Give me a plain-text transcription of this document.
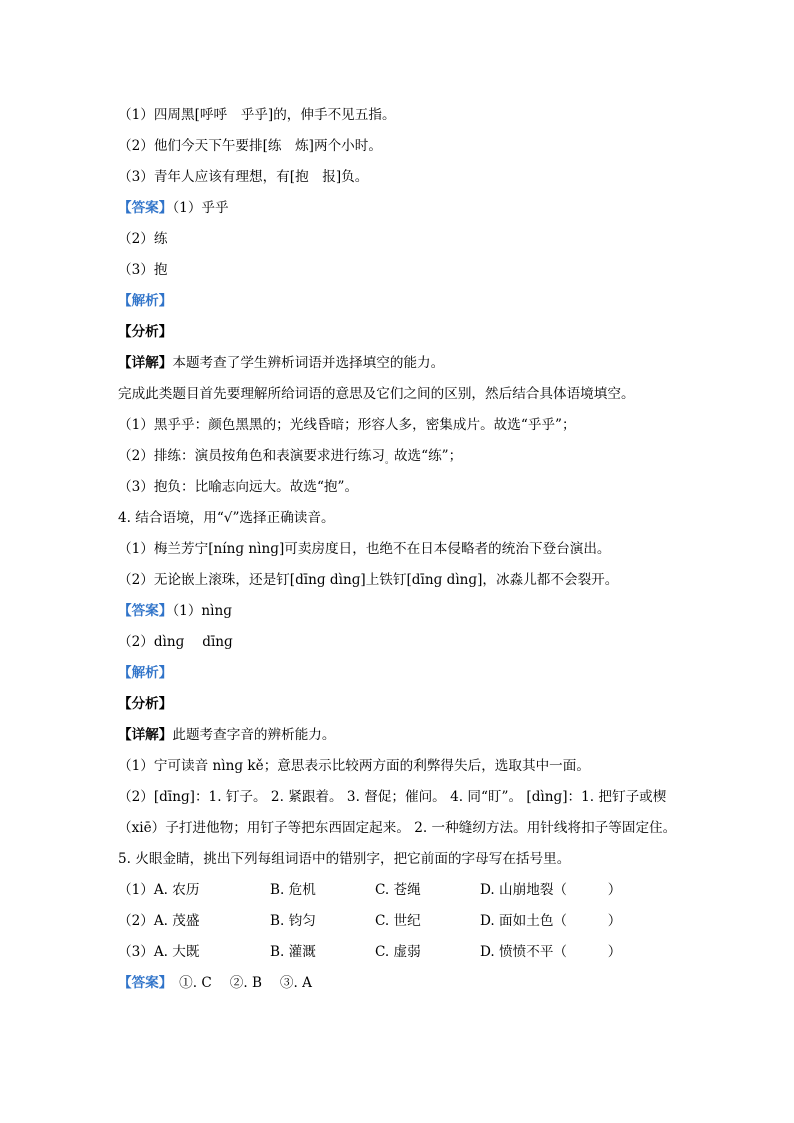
（1）四周黑[呼呼　乎乎]的，伸手不见五指。

（2）他们今天下午要排[练　炼]两个小时。

（3）青年人应该有理想，有[抱　报]负。

【答案】（1）乎乎

（2）练

（3）抱

【解析】

【分析】

【详解】本题考查了学生辨析词语并选择填空的能力。

完成此类题目首先要理解所给词语的意思及它们之间的区别，然后结合具体语境填空。

（1）黑乎乎：颜色黑黑的；光线昏暗；形容人多，密集成片。故选“乎乎”；

（2）排练：演员按角色和表演要求进行练习$_。$故选“练”；

（3）抱负：比喻志向远大。故选“抱”。

4. 结合语境，用“√”选择正确读音。

（1）梅兰芳宁[nínɡ nìnɡ]可卖房度日，也绝不在日本侵略者的统治下登台演出。

（2）无论嵌上滚珠，还是钉[dīnɡ dìnɡ]上铁钉[dīnɡ dìnɡ]，冰淼儿都不会裂开。

【答案】（1）nìnɡ

（2）dìnɡ　 dīnɡ

【解析】

【分析】

【详解】此题考查字音的辨析能力。

（1）宁可读音 nìnɡ kě；意思表示比较两方面的利弊得失后，选取其中一面。

（2）[dīnɡ]：1. 钉子。 2. 紧跟着。 3. 督促；催问。 4. 同“盯”。 [dìnɡ]：1. 把钉子或楔（xiē）子打进他物；用钉子等把东西固定起来。 2. 一种缝纫方法。用针线将扣子等固定住。

5. 火眼金睛，挑出下列每组词语中的错别字，把它前面的字母写在括号里。

（1）A. 农历	B. 危机	C. 苍绳	D. 山崩地裂（　　　）

（2）A. 茂盛	B. 钧匀	C. 世纪	D. 面如土色（　　　）

（3）A. 大既	B. 灌溉	C. 虚弱	D. 愤愤不平（　　　）

【答案】　①. C　 ②. B　 ③. A
